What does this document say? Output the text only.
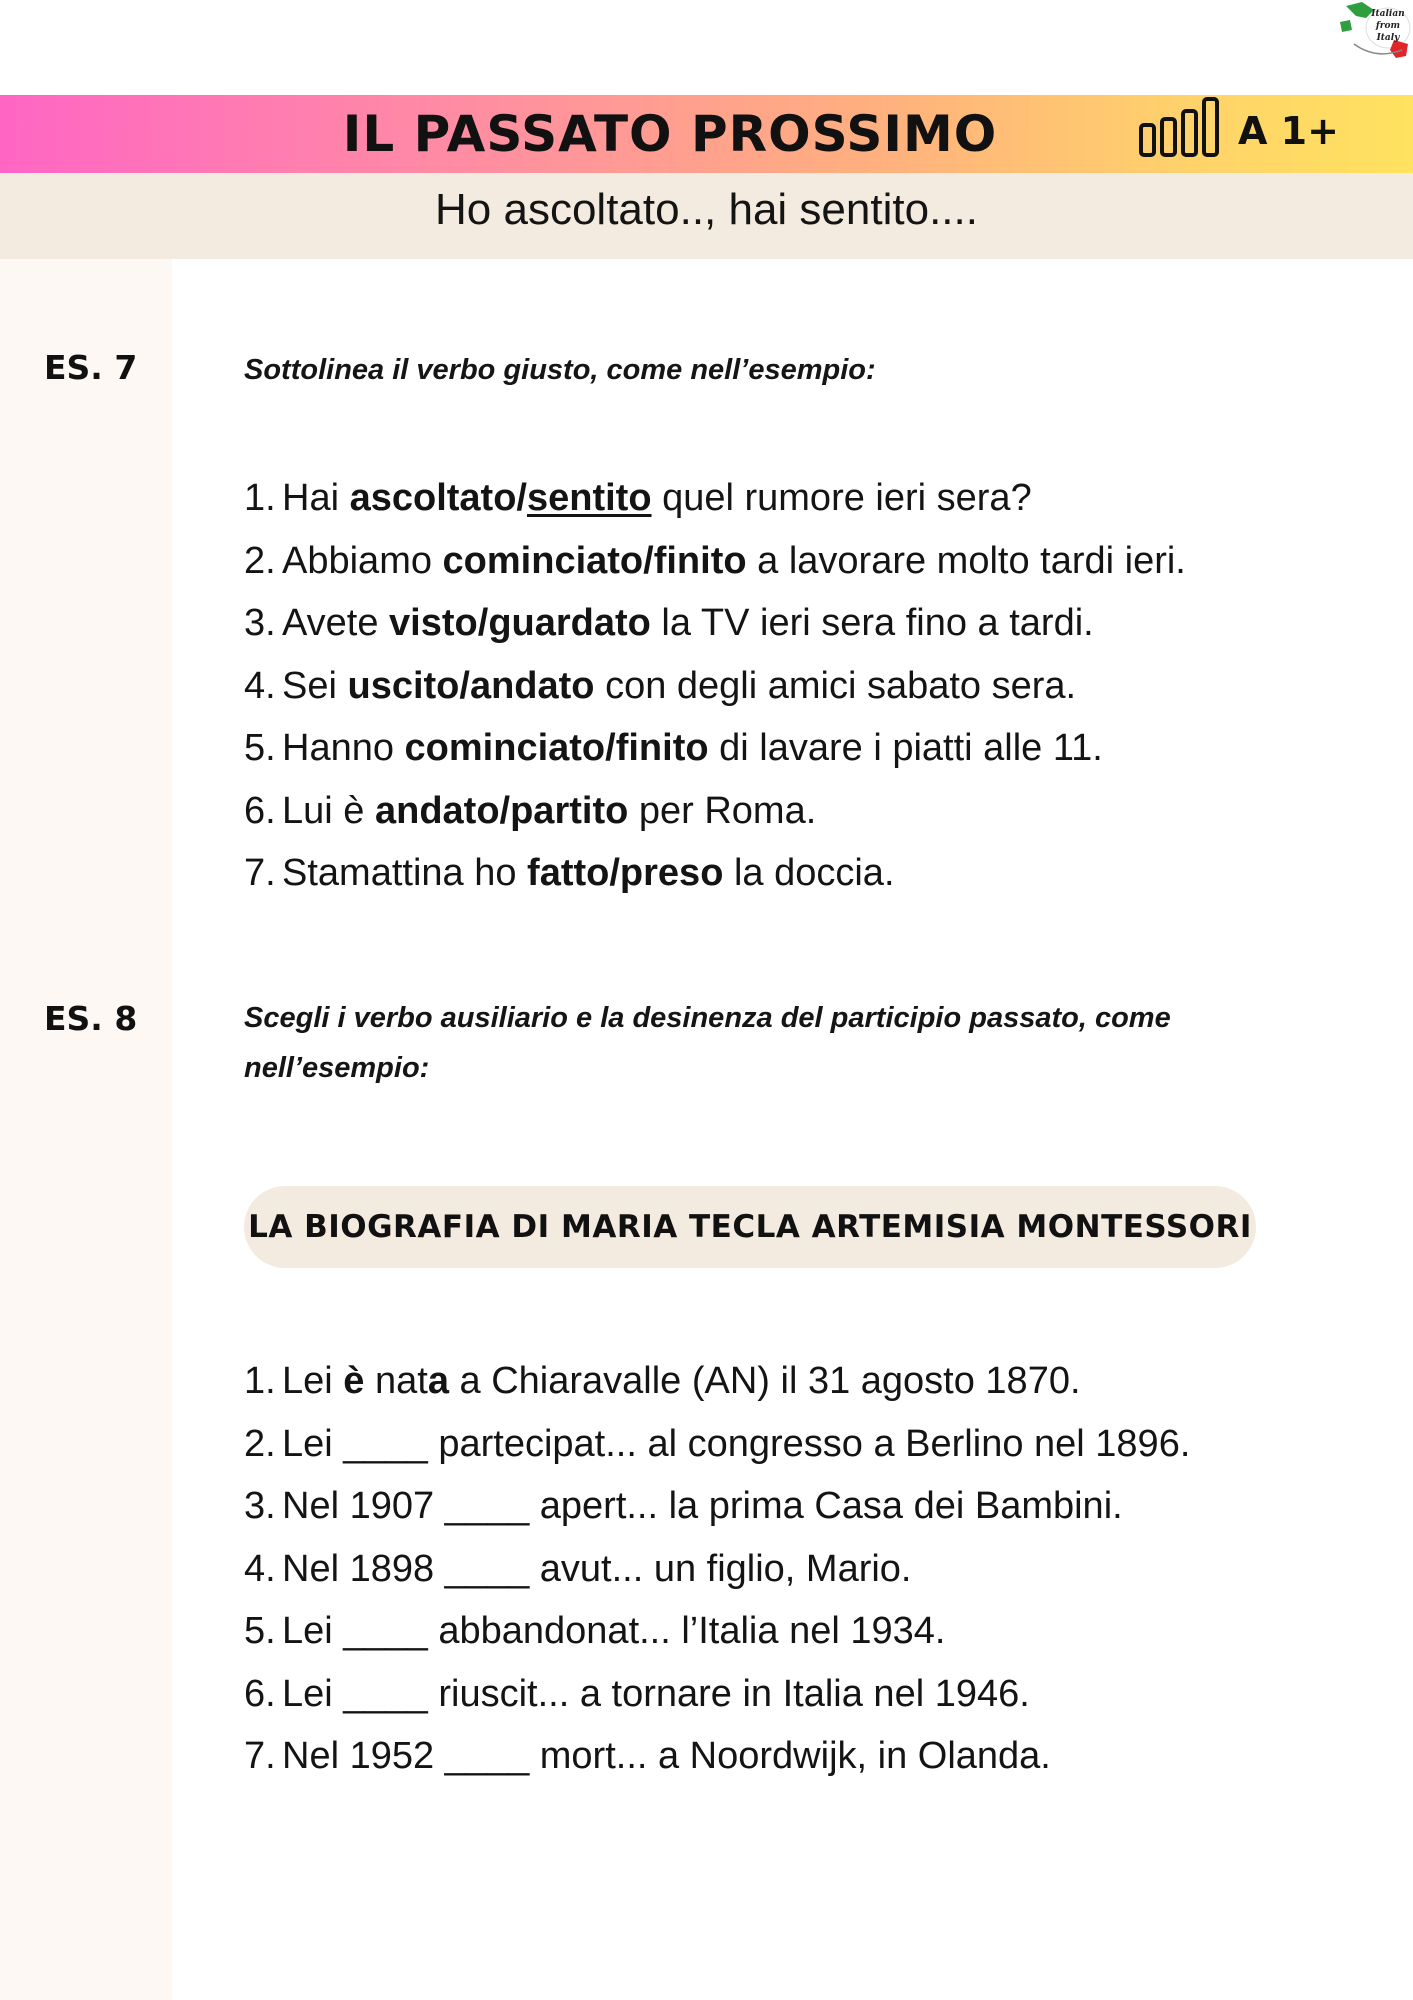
Italian
from
Italy
IL PASSATO PROSSIMO	A 1+
Ho ascoltato.., hai sentito....
ES. 7	Sottolinea il verbo giusto, come nell’esempio:
1. Hai ascoltato/sentito quel rumore ieri sera?
2. Abbiamo cominciato/finito a lavorare molto tardi ieri.
3. Avete visto/guardato la TV ieri sera fino a tardi.
4. Sei uscito/andato con degli amici sabato sera.
5. Hanno cominciato/finito di lavare i piatti alle 11.
6. Lui è andato/partito per Roma.
7. Stamattina ho fatto/preso la doccia.
ES. 8	Scegli i verbo ausiliario e la desinenza del participio passato, come nell’esempio:
LA BIOGRAFIA DI MARIA TECLA ARTEMISIA MONTESSORI
1. Lei è nata a Chiaravalle (AN) il 31 agosto 1870.
2. Lei ____ partecipat... al congresso a Berlino nel 1896.
3. Nel 1907 ____ apert... la prima Casa dei Bambini.
4. Nel 1898 ____ avut... un figlio, Mario.
5. Lei ____ abbandonat... l’Italia nel 1934.
6. Lei ____ riuscit... a tornare in Italia nel 1946.
7. Nel 1952 ____ mort... a Noordwijk, in Olanda.
